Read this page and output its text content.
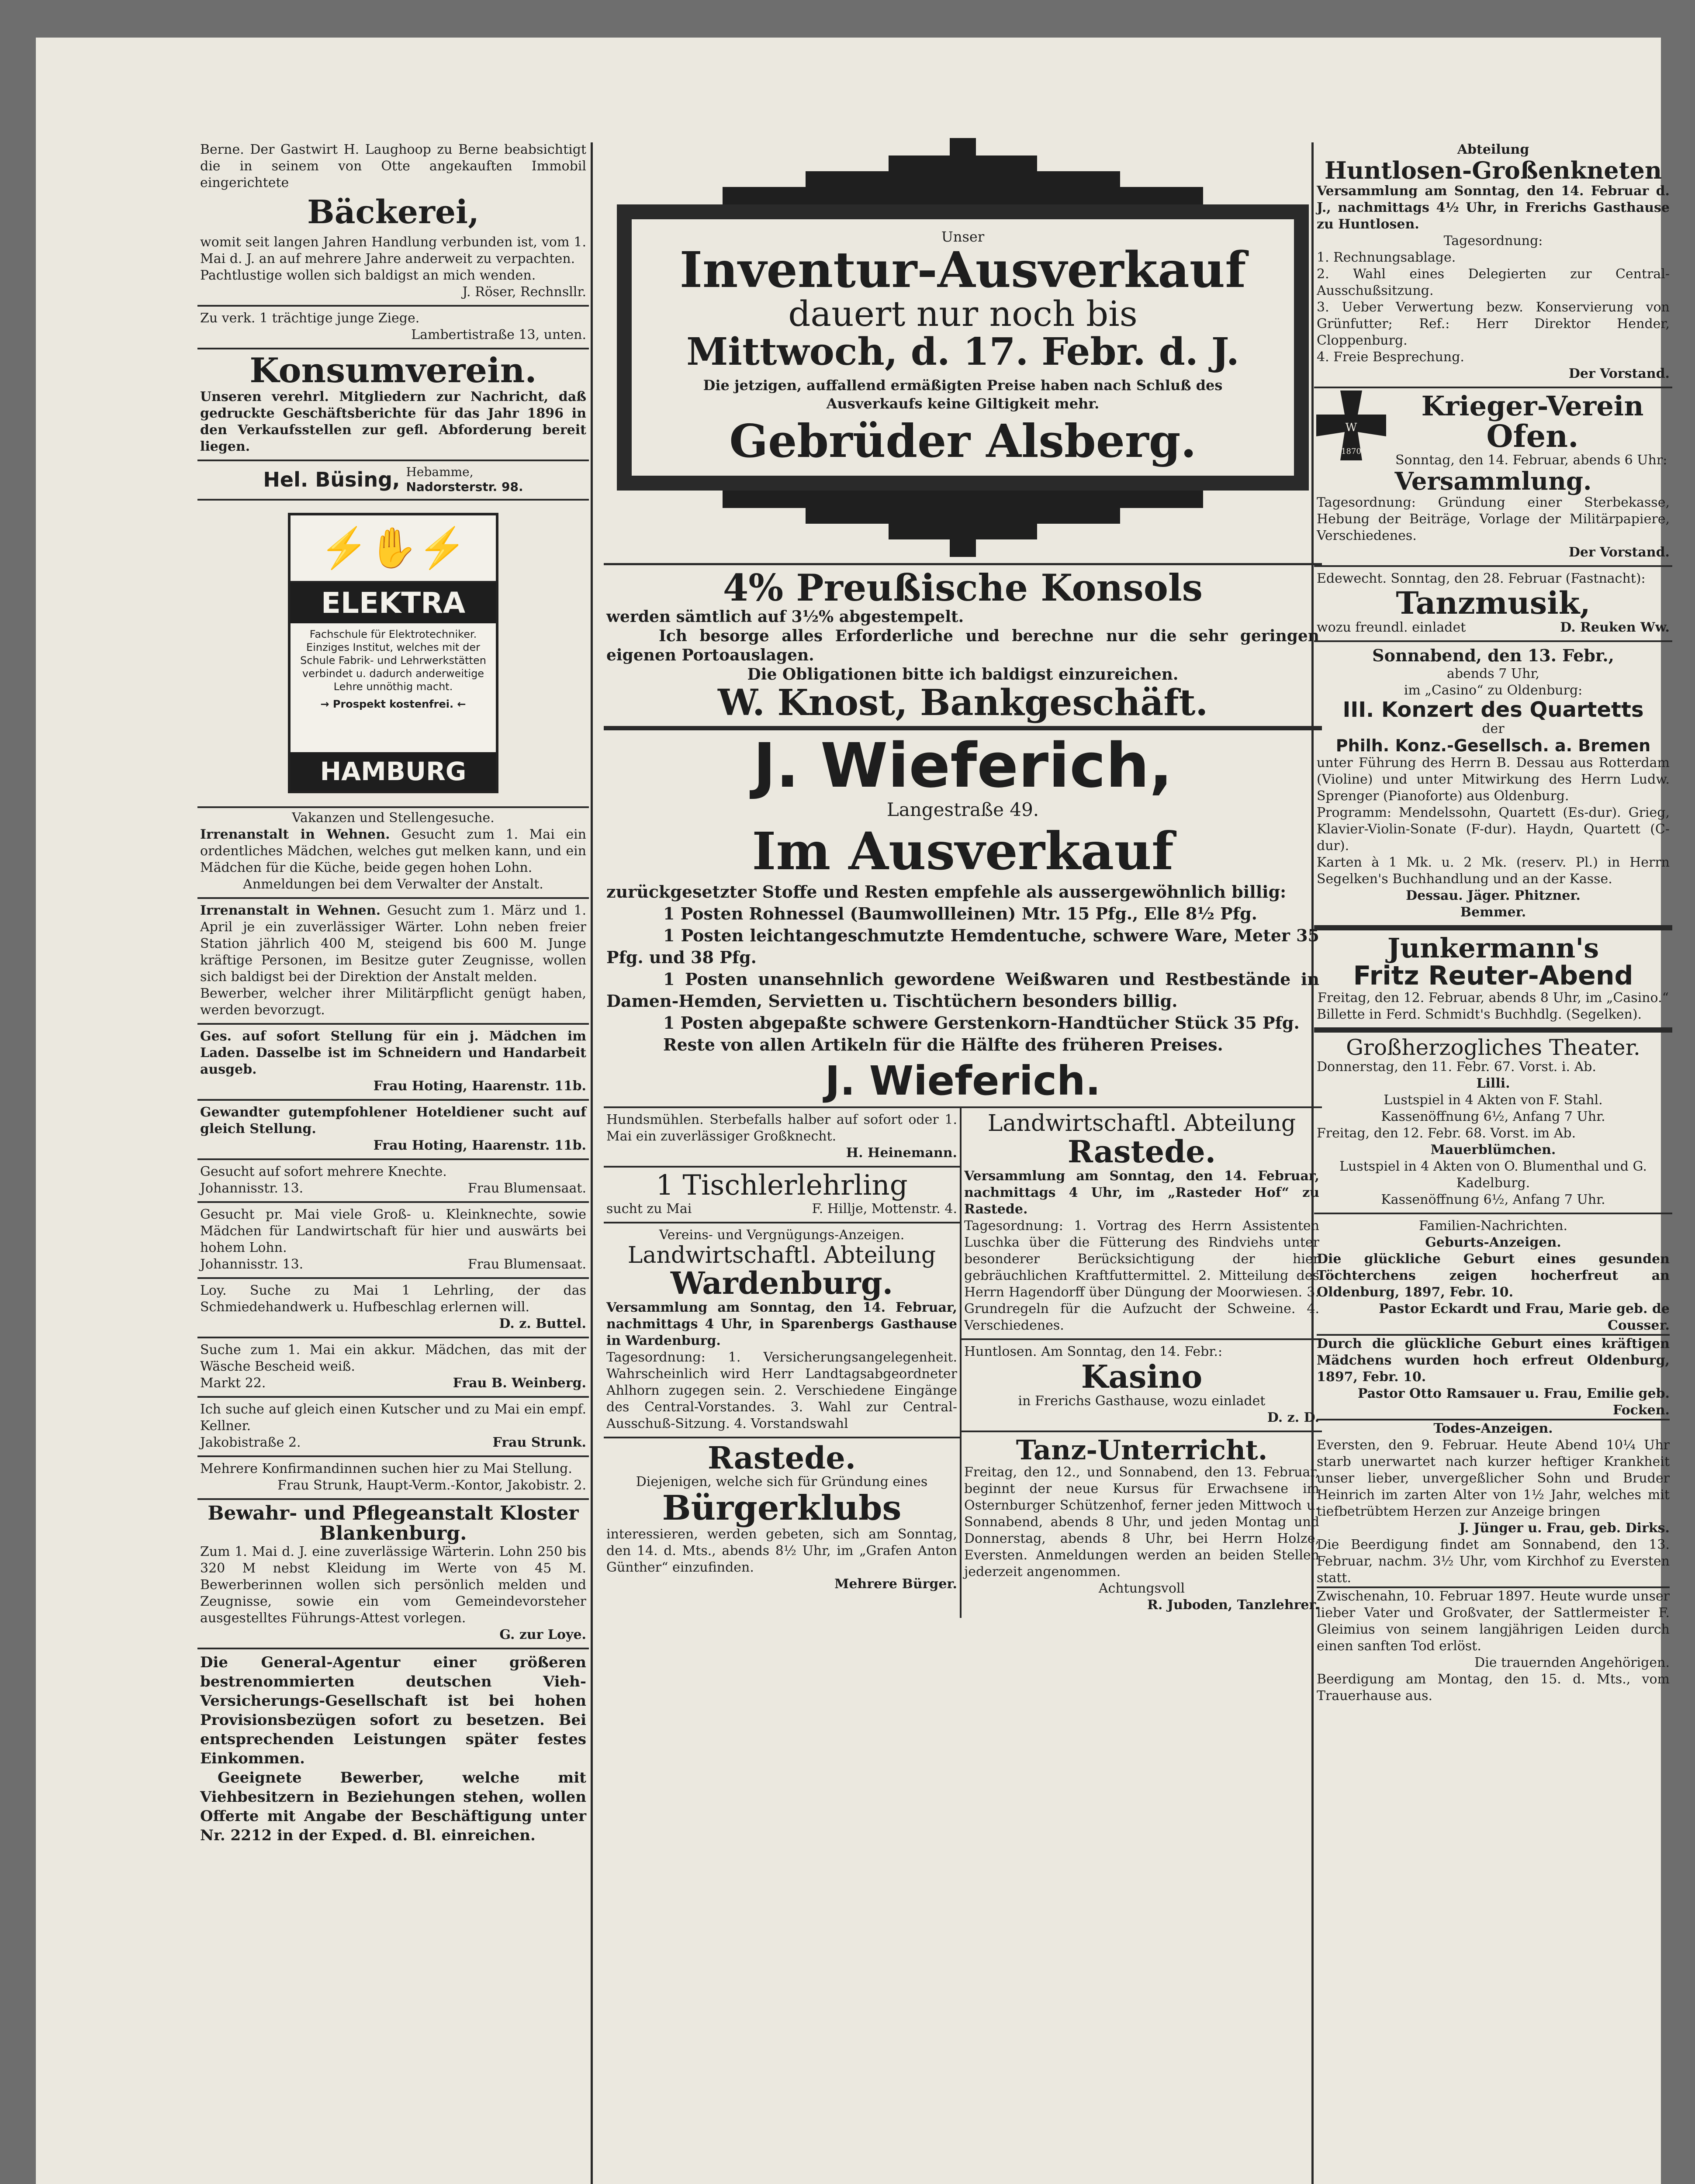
Berne. Der Gastwirt H. Laughoop zu Berne beabsichtigt die in seinem von Otte angekauften Immobil eingerichtete

Bäckerei,

womit seit langen Jahren Handlung verbunden ist, vom 1. Mai d. J. an auf mehrere Jahre anderweit zu verpachten.

Pachtlustige wollen sich baldigst an mich wenden.

J. Röser, Rechnsllr.

Zu verk. 1 trächtige junge Ziege.

Lambertistraße 13, unten.

Konsumverein.

Unseren verehrl. Mitgliedern zur Nachricht, daß gedruckte Geschäftsberichte für das Jahr 1896 in den Verkaufsstellen zur gefl. Abforderung bereit liegen.

Hel. Büsing, Hebamme,
Nadorsterstr. 98.
⚡✋⚡
ELEKTRA
Fachschule für Elektrotechniker. Einziges Institut, welches mit der Schule Fabrik- und Lehrwerkstätten verbindet u. dadurch anderweitige Lehre unnöthig macht.
→ Prospekt kostenfrei. ←
HAMBURG

Vakanzen und Stellengesuche.

Irrenanstalt in Wehnen. Gesucht zum 1. Mai ein ordentliches Mädchen, welches gut melken kann, und ein Mädchen für die Küche, beide gegen hohen Lohn.

Anmeldungen bei dem Verwalter der Anstalt.

Irrenanstalt in Wehnen. Gesucht zum 1. März und 1. April je ein zuverlässiger Wärter. Lohn neben freier Station jährlich 400 M, steigend bis 600 M. Junge kräftige Personen, im Besitze guter Zeugnisse, wollen sich baldigst bei der Direktion der Anstalt melden.

Bewerber, welcher ihrer Militärpflicht genügt haben, werden bevorzugt.

Ges. auf sofort Stellung für ein j. Mädchen im Laden. Dasselbe ist im Schneidern und Handarbeit ausgeb.

Frau Hoting, Haarenstr. 11b.

Gewandter gutempfohlener Hoteldiener sucht auf gleich Stellung.

Frau Hoting, Haarenstr. 11b.

Gesucht auf sofort mehrere Knechte.

Johannisstr. 13.	Frau Blumensaat.

Gesucht pr. Mai viele Groß- u. Kleinknechte, sowie Mädchen für Landwirtschaft für hier und auswärts bei hohem Lohn.

Johannisstr. 13.	Frau Blumensaat.

Loy. Suche zu Mai 1 Lehrling, der das Schmiedehandwerk u. Hufbeschlag erlernen will.

D. z. Buttel.

Suche zum 1. Mai ein akkur. Mädchen, das mit der Wäsche Bescheid weiß.

Markt 22.	Frau B. Weinberg.

Ich suche auf gleich einen Kutscher und zu Mai ein empf. Kellner.

Jakobistraße 2.	Frau Strunk.

Mehrere Konfirmandinnen suchen hier zu Mai Stellung.

Frau Strunk, Haupt-Verm.-Kontor, Jakobistr. 2.

Bewahr- und Pflegeanstalt Kloster Blankenburg.

Zum 1. Mai d. J. eine zuverlässige Wärterin. Lohn 250 bis 320 M nebst Kleidung im Werte von 45 M. Bewerberinnen wollen sich persönlich melden und Zeugnisse, sowie ein vom Gemeindevorsteher ausgestelltes Führungs-Attest vorlegen.

G. zur Loye.

Die General-Agentur einer größeren bestrenommierten deutschen Vieh-Versicherungs-Gesellschaft ist bei hohen Provisionsbezügen sofort zu besetzen. Bei entsprechenden Leistungen später festes Einkommen.

Geeignete Bewerber, welche mit Viehbesitzern in Beziehungen stehen, wollen Offerte mit Angabe der Beschäftigung unter Nr. 2212 in der Exped. d. Bl. einreichen.

Unser
Inventur-Ausverkauf
dauert nur noch bis
Mittwoch, d. 17. Febr. d. J.

Die jetzigen, auffallend ermäßigten Preise haben nach Schluß des Ausverkaufs keine Giltigkeit mehr.

Gebrüder Alsberg.
4% Preußische Konsols

werden sämtlich auf 3½% abgestempelt.

Ich besorge alles Erforderliche und berechne nur die sehr geringen eigenen Portoauslagen.

Die Obligationen bitte ich baldigst einzureichen.

W. Knost, Bankgeschäft.
J. Wieferich,

Langestraße 49.

Im Ausverkauf

zurückgesetzter Stoffe und Resten empfehle als aussergewöhnlich billig:

1 Posten Rohnessel (Baumwollleinen) Mtr. 15 Pfg., Elle 8½ Pfg.

1 Posten leichtangeschmutzte Hemdentuche, schwere Ware, Meter 35 Pfg. und 38 Pfg.

1 Posten unansehnlich gewordene Weißwaren und Restbestände in Damen-Hemden, Servietten u. Tischtüchern besonders billig.

1 Posten abgepaßte schwere Gerstenkorn-Handtücher Stück 35 Pfg.

Reste von allen Artikeln für die Hälfte des früheren Preises.

J. Wieferich.

Hundsmühlen. Sterbefalls halber auf sofort oder 1. Mai ein zuverlässiger Großknecht.

H. Heinemann.

1 Tischlerlehrling

sucht zu Mai	F. Hillje, Mottenstr. 4.

Vereins- und Vergnügungs-Anzeigen.

Landwirtschaftl. Abteilung
Wardenburg.

Versammlung am Sonntag, den 14. Februar, nachmittags 4 Uhr, in Sparenbergs Gasthause in Wardenburg.

Tagesordnung: 1. Versicherungsangelegenheit. Wahrscheinlich wird Herr Landtagsabgeordneter Ahlhorn zugegen sein. 2. Verschiedene Eingänge des Central-Vorstandes. 3. Wahl zur Central-Ausschuß-Sitzung. 4. Vorstandswahl

Rastede.

Diejenigen, welche sich für Gründung eines

Bürgerklubs

interessieren, werden gebeten, sich am Sonntag, den 14. d. Mts., abends 8½ Uhr, im „Grafen Anton Günther“ einzufinden.

Mehrere Bürger.

Landwirtschaftl. Abteilung
Rastede.

Versammlung am Sonntag, den 14. Februar, nachmittags 4 Uhr, im „Rasteder Hof“ zu Rastede.

Tagesordnung: 1. Vortrag des Herrn Assistenten Luschka über die Fütterung des Rindviehs unter besonderer Berücksichtigung der hier gebräuchlichen Kraftfuttermittel. 2. Mitteilung des Herrn Hagendorff über Düngung der Moorwiesen. 3. Grundregeln für die Aufzucht der Schweine. 4. Verschiedenes.

Huntlosen. Am Sonntag, den 14. Febr.:

Kasino

in Frerichs Gasthause, wozu einladet

D. z. D.

Tanz-Unterricht.

Freitag, den 12., und Sonnabend, den 13. Februar, beginnt der neue Kursus für Erwachsene im Osternburger Schützenhof, ferner jeden Mittwoch u. Sonnabend, abends 8 Uhr, und jeden Montag und Donnerstag, abends 8 Uhr, bei Herrn Holze, Eversten. Anmeldungen werden an beiden Stellen jederzeit angenommen.

Achtungsvoll

R. Juboden, Tanzlehrer.

Abteilung

Huntlosen-Großenkneten

Versammlung am Sonntag, den 14. Februar d. J., nachmittags 4½ Uhr, in Frerichs Gasthause zu Huntlosen.

Tagesordnung:

1. Rechnungsablage.

2. Wahl eines Delegierten zur Central-Ausschußsitzung.

3. Ueber Verwertung bezw. Konservierung von Grünfutter; Ref.: Herr Direktor Hender, Cloppenburg.

4. Freie Besprechung.

Der Vorstand.

W
1870
Krieger-Verein
Ofen.

Sonntag, den 14. Februar, abends 6 Uhr:

Versammlung.

Tagesordnung: Gründung einer Sterbekasse, Hebung der Beiträge, Vorlage der Militärpapiere, Verschiedenes.

Der Vorstand.

Edewecht. Sonntag, den 28. Februar (Fastnacht):

Tanzmusik,

wozu freundl. einladet	D. Reuken Ww.

Sonnabend, den 13. Febr.,

abends 7 Uhr,

im „Casino“ zu Oldenburg:

III. Konzert des Quartetts

der

Philh. Konz.-Gesellsch. a. Bremen

unter Führung des Herrn B. Dessau aus Rotterdam (Violine) und unter Mitwirkung des Herrn Ludw. Sprenger (Pianoforte) aus Oldenburg.

Programm: Mendelssohn, Quartett (Es-dur). Grieg, Klavier-Violin-Sonate (F-dur). Haydn, Quartett (C-dur).

Karten à 1 Mk. u. 2 Mk. (reserv. Pl.) in Herrn Segelken's Buchhandlung und an der Kasse.

Dessau. Jäger. Phitzner.

Bemmer.

Junkermann's
Fritz Reuter-Abend

Freitag, den 12. Februar, abends 8 Uhr, im „Casino.“

Billette in Ferd. Schmidt's Buchhdlg. (Segelken).

Großherzogliches Theater.

Donnerstag, den 11. Febr. 67. Vorst. i. Ab.

Lilli.

Lustspiel in 4 Akten von F. Stahl.

Kassenöffnung 6½, Anfang 7 Uhr.

Freitag, den 12. Febr. 68. Vorst. im Ab.

Mauerblümchen.

Lustspiel in 4 Akten von O. Blumenthal und G. Kadelburg.

Kassenöffnung 6½, Anfang 7 Uhr.

Familien-Nachrichten.

Geburts-Anzeigen.

Die glückliche Geburt eines gesunden Töchterchens zeigen hocherfreut an Oldenburg, 1897, Febr. 10.

Pastor Eckardt und Frau, Marie geb. de Cousser.

Durch die glückliche Geburt eines kräftigen Mädchens wurden hoch erfreut Oldenburg, 1897, Febr. 10.

Pastor Otto Ramsauer u. Frau, Emilie geb. Focken.

Todes-Anzeigen.

Eversten, den 9. Februar. Heute Abend 10¼ Uhr starb unerwartet nach kurzer heftiger Krankheit unser lieber, unvergeßlicher Sohn und Bruder Heinrich im zarten Alter von 1½ Jahr, welches mit tiefbetrübtem Herzen zur Anzeige bringen

J. Jünger u. Frau, geb. Dirks.

Die Beerdigung findet am Sonnabend, den 13. Februar, nachm. 3½ Uhr, vom Kirchhof zu Eversten statt.

Zwischenahn, 10. Februar 1897. Heute wurde unser lieber Vater und Großvater, der Sattlermeister F. Gleimius von seinem langjährigen Leiden durch einen sanften Tod erlöst.

Die trauernden Angehörigen.

Beerdigung am Montag, den 15. d. Mts., vom Trauerhause aus.
